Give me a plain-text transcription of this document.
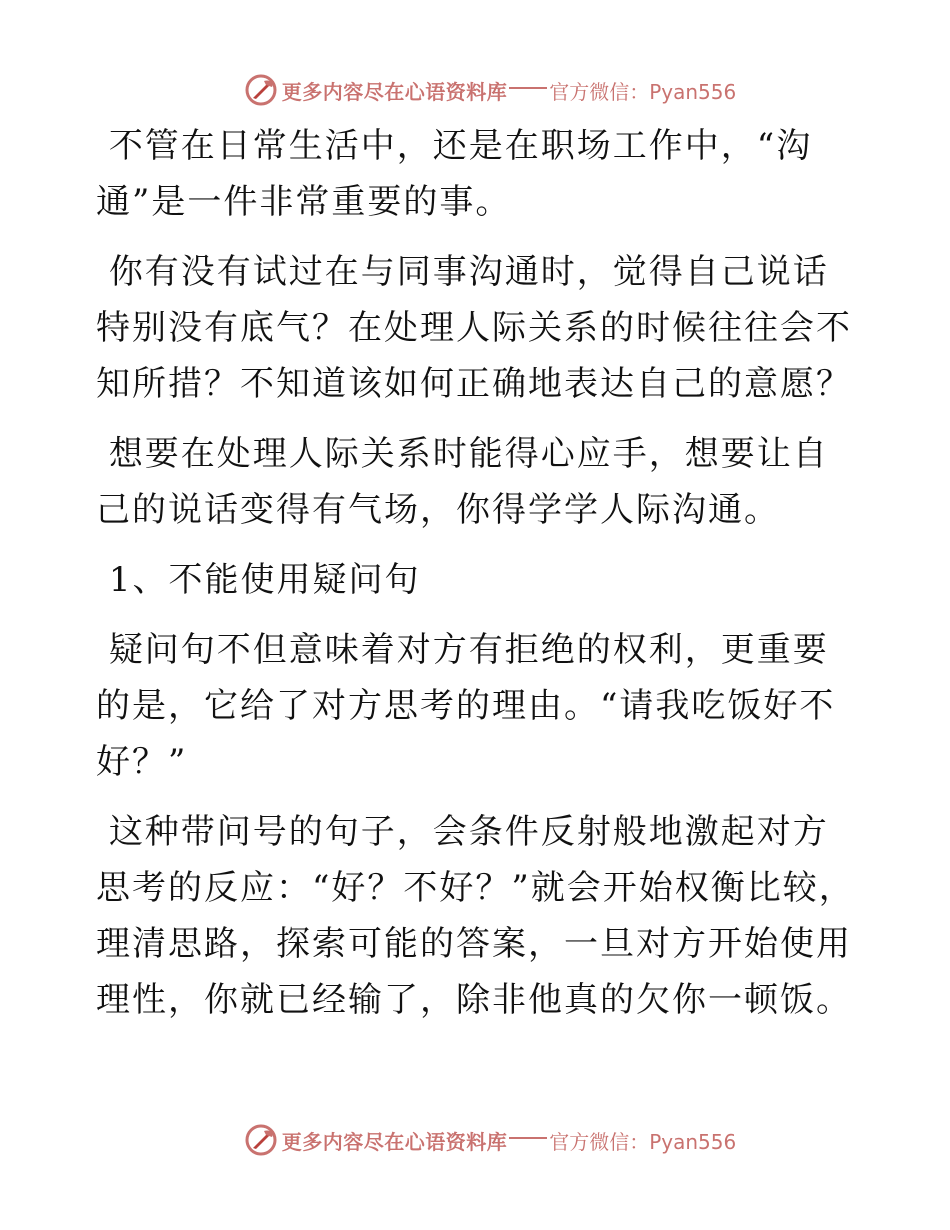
更多内容尽在心语资料库 官方微信：Pyan556

不管在日常生活中，还是在职场工作中，“沟通”是一件非常重要的事。

你有没有试过在与同事沟通时，觉得自己说话特别没有底气？在处理人际关系的时候往往会不知所措？不知道该如何正确地表达自己的意愿？

想要在处理人际关系时能得心应手，想要让自己的说话变得有气场，你得学学人际沟通。

1、不能使用疑问句

疑问句不但意味着对方有拒绝的权利，更重要的是，它给了对方思考的理由。“请我吃饭好不好？”

这种带问号的句子，会条件反射般地激起对方思考的反应：“好？不好？”就会开始权衡比较，理清思路，探索可能的答案，一旦对方开始使用理性，你就已经输了，除非他真的欠你一顿饭。

更多内容尽在心语资料库 官方微信：Pyan556
